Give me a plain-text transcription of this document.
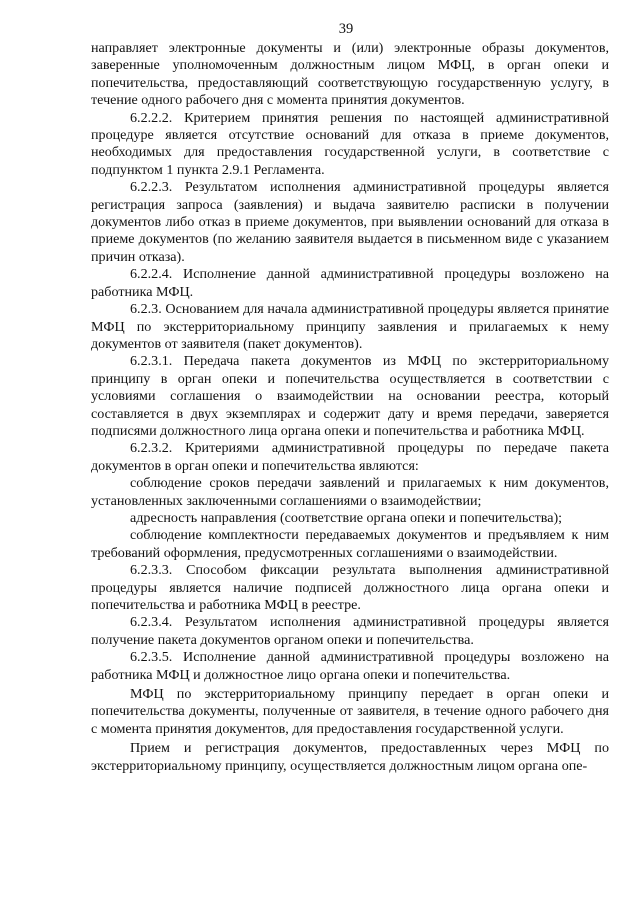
39

направляет электронные документы и (или) электронные образы документов, заверенные уполномоченным должностным лицом МФЦ, в орган опеки и попечительства, предоставляющий соответствующую государственную услугу, в течение одного рабочего дня с момента принятия документов.

6.2.2.2. Критерием принятия решения по настоящей административной процедуре является отсутствие оснований для отказа в приеме документов, необходимых для предоставления государственной услуги, в соответствие с подпунктом 1 пункта 2.9.1 Регламента.

6.2.2.3. Результатом исполнения административной процедуры является регистрация запроса (заявления) и выдача заявителю расписки в получении документов либо отказ в приеме документов, при выявлении оснований для отказа в приеме документов (по желанию заявителя выдается в письменном виде с указанием причин отказа).

6.2.2.4. Исполнение данной административной процедуры возложено на работника МФЦ.

6.2.3. Основанием для начала административной процедуры является принятие МФЦ по экстерриториальному принципу заявления и прилагаемых к нему документов от заявителя (пакет документов).

6.2.3.1. Передача пакета документов из МФЦ по экстерриториальному принципу в орган опеки и попечительства осуществляется в соответствии с условиями соглашения о взаимодействии на основании реестра, который составляется в двух экземплярах и содержит дату и время передачи, заверяется подписями должностного лица органа опеки и попечительства и работника МФЦ.

6.2.3.2. Критериями административной процедуры по передаче пакета документов в орган опеки и попечительства являются:

соблюдение сроков передачи заявлений и прилагаемых к ним документов, установленных заключенными соглашениями о взаимодействии;

адресность направления (соответствие органа опеки и попечительства);

соблюдение комплектности передаваемых документов и предъявляем к ним требований оформления, предусмотренных соглашениями о взаимодействии.

6.2.3.3. Способом фиксации результата выполнения административной процедуры является наличие подписей должностного лица органа опеки и попечительства и работника МФЦ в реестре.

6.2.3.4. Результатом исполнения административной процедуры является получение пакета документов органом опеки и попечительства.

6.2.3.5. Исполнение данной административной процедуры возложено на работника МФЦ и должностное лицо органа опеки и попечительства.

МФЦ по экстерриториальному принципу передает в орган опеки и попечительства документы, полученные от заявителя, в течение одного рабочего дня с момента принятия документов, для предоставления государственной услуги.

Прием и регистрация документов, предоставленных через МФЦ по экстерриториальному принципу, осуществляется должностным лицом органа опе-
